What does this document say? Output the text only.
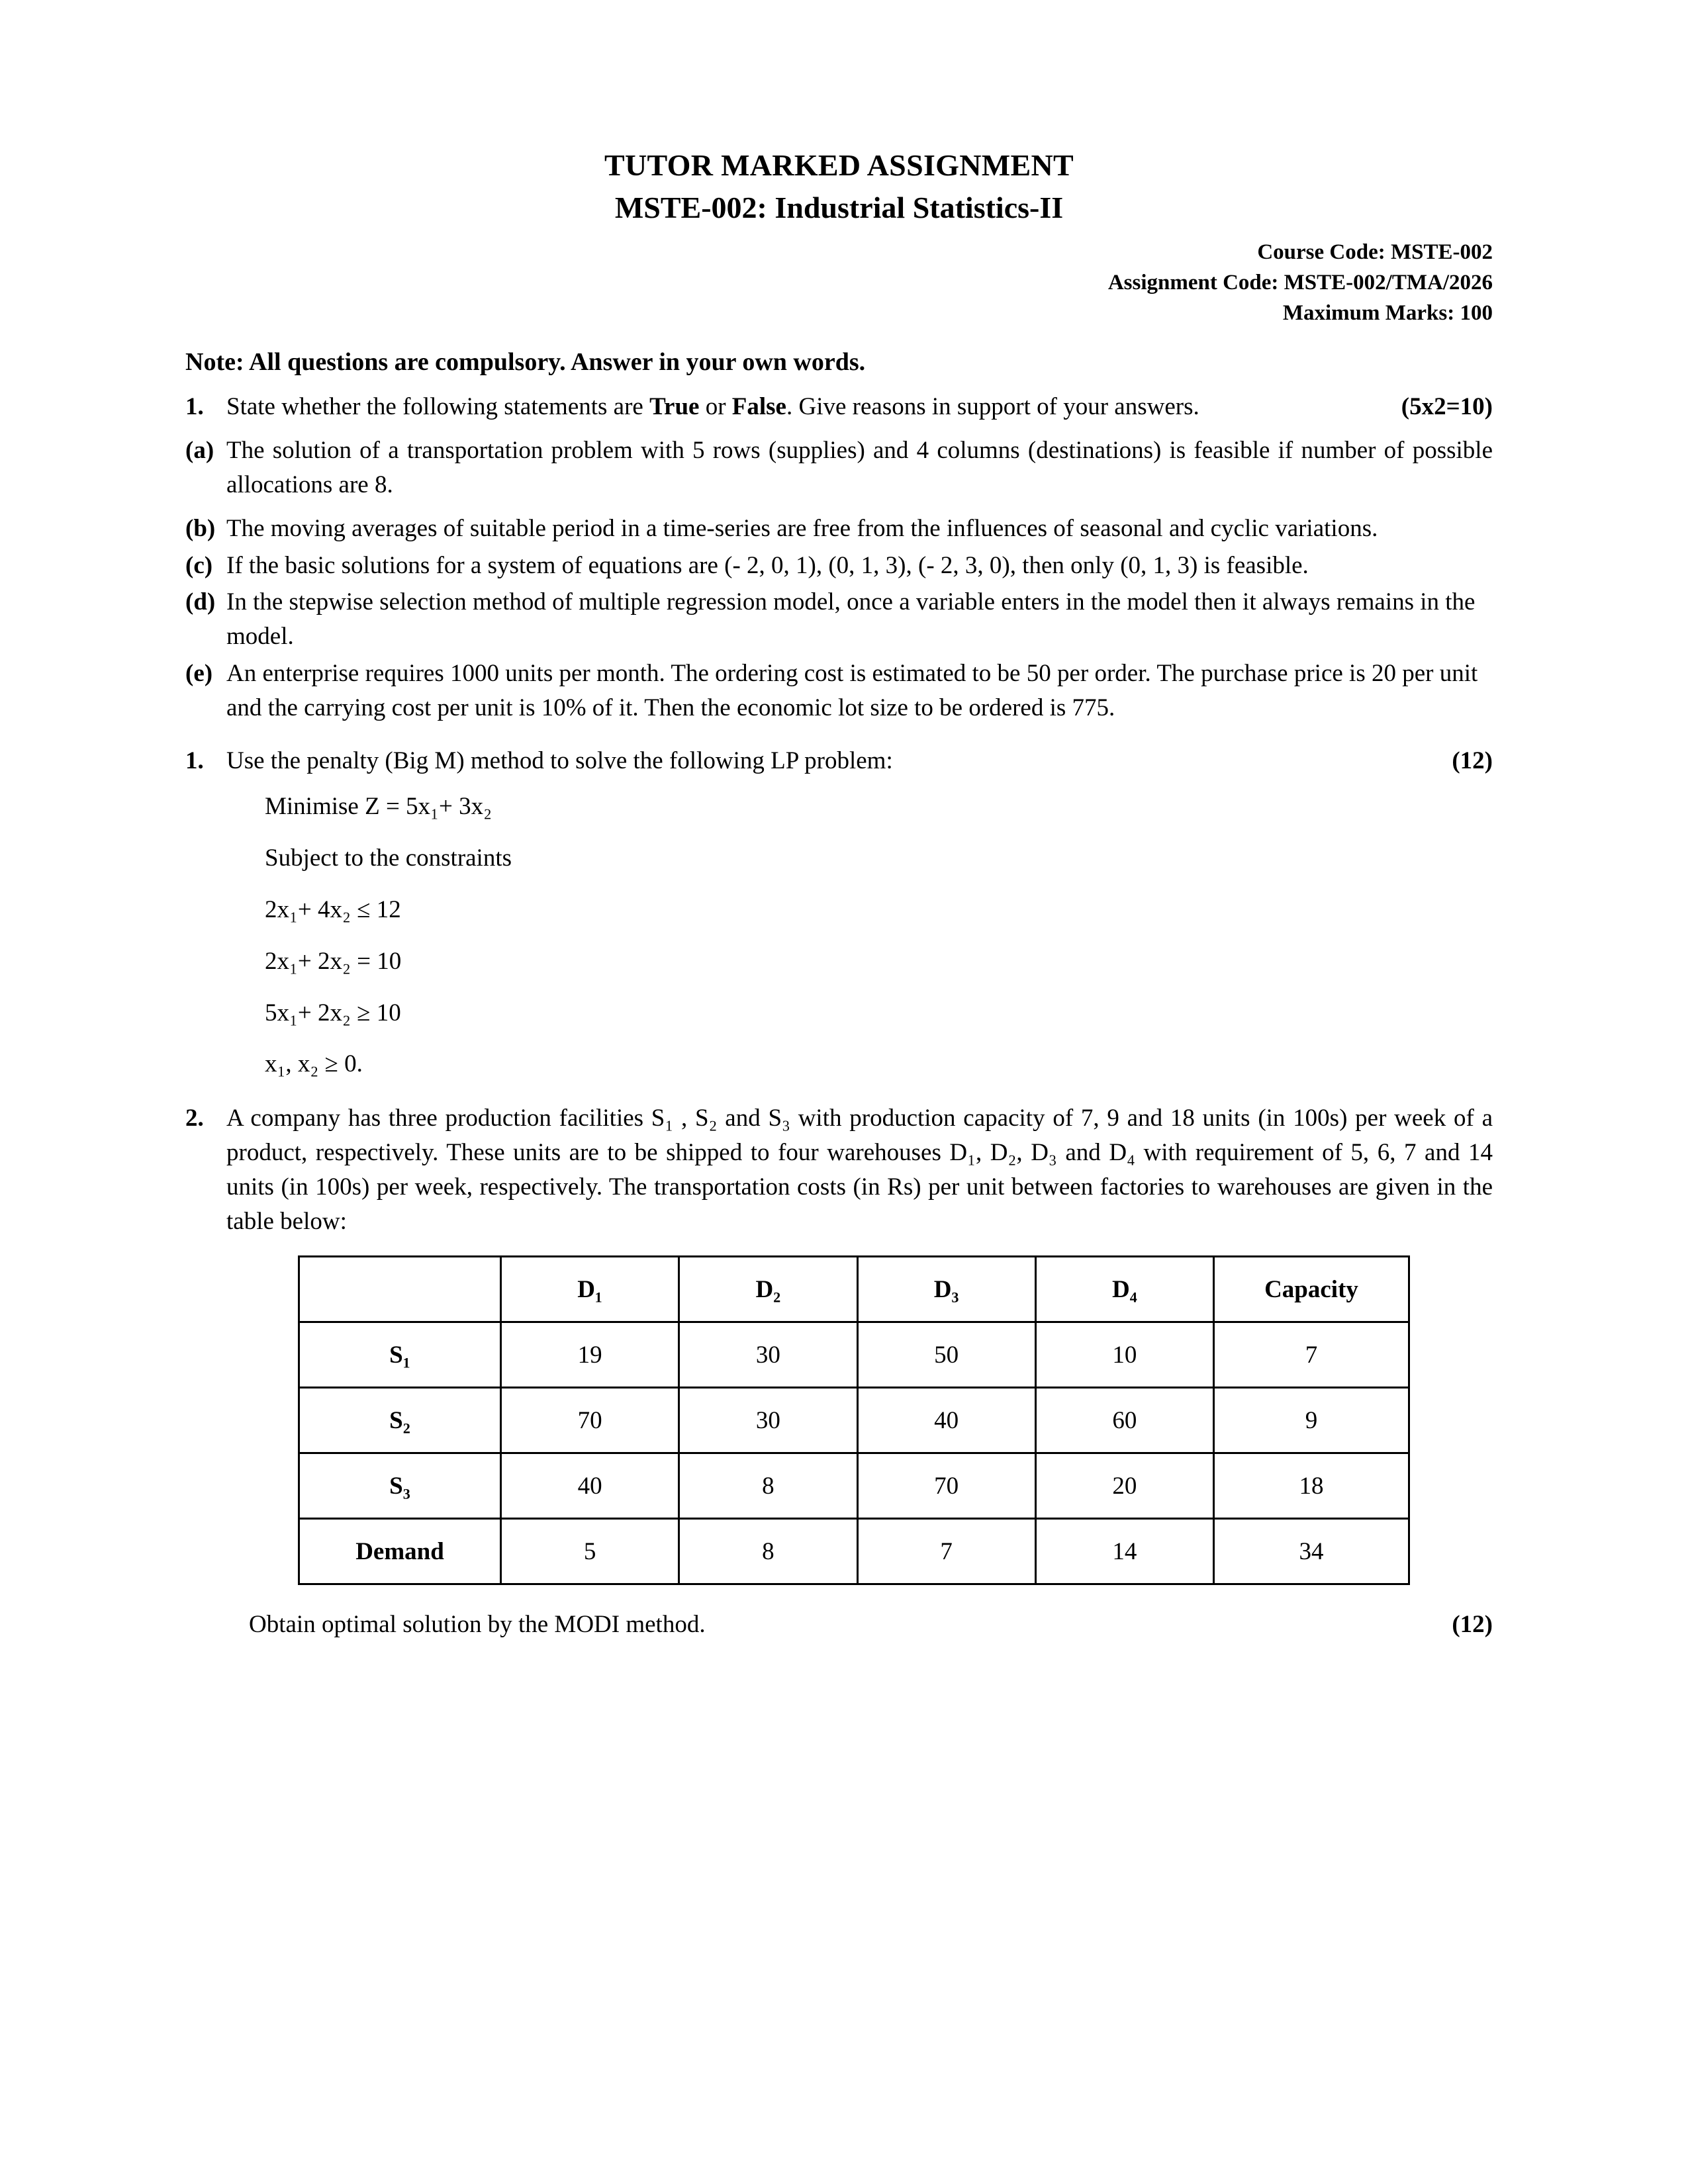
TUTOR MARKED ASSIGNMENT
MSTE-002: Industrial Statistics-II
Course Code: MSTE-002
Assignment Code: MSTE-002/TMA/2026
Maximum Marks: 100
Note: All questions are compulsory. Answer in your own words.
1.	(5x2=10)
State whether the following statements are True or False. Give reasons in support of your answers.
(a) The solution of a transportation problem with 5 rows (supplies) and 4 columns (destinations) is feasible if number of possible allocations are 8.
(b) The moving averages of suitable period in a time-series are free from the influences of seasonal and cyclic variations.
(c) If the basic solutions for a system of equations are (- 2, 0, 1), (0, 1, 3), (- 2, 3, 0), then only (0, 1, 3) is feasible.
(d) In the stepwise selection method of multiple regression model, once a variable enters in the model then it always remains in the model.
(e) An enterprise requires 1000 units per month. The ordering cost is estimated to be 50 per order. The purchase price is 20 per unit and the carrying cost per unit is 10% of it. Then the economic lot size to be ordered is 775.
1.	(12)
Use the penalty (Big M) method to solve the following LP problem:
Minimise Z = 5x₁+ 3x₂
Subject to the constraints
2x₁+ 4x₂ ≤ 12
2x₁+ 2x₂ = 10
5x₁+ 2x₂ ≥ 10
x₁, x₂ ≥ 0.
2. A company has three production facilities S₁ , S₂ and S₃ with production capacity of 7, 9 and 18 units (in 100s) per week of a product, respectively. These units are to be shipped to four warehouses D₁, D₂, D₃ and D₄ with requirement of 5, 6, 7 and 14 units (in 100s) per week, respectively. The transportation costs (in Rs) per unit between factories to warehouses are given in the table below:
	D₁	D₂	D₃	D₄	Capacity
S₁	19	30	50	10	7
S₂	70	30	40	60	9
S₃	40	8	70	20	18
Demand	5	8	7	14	34
(12)
Obtain optimal solution by the MODI method.
